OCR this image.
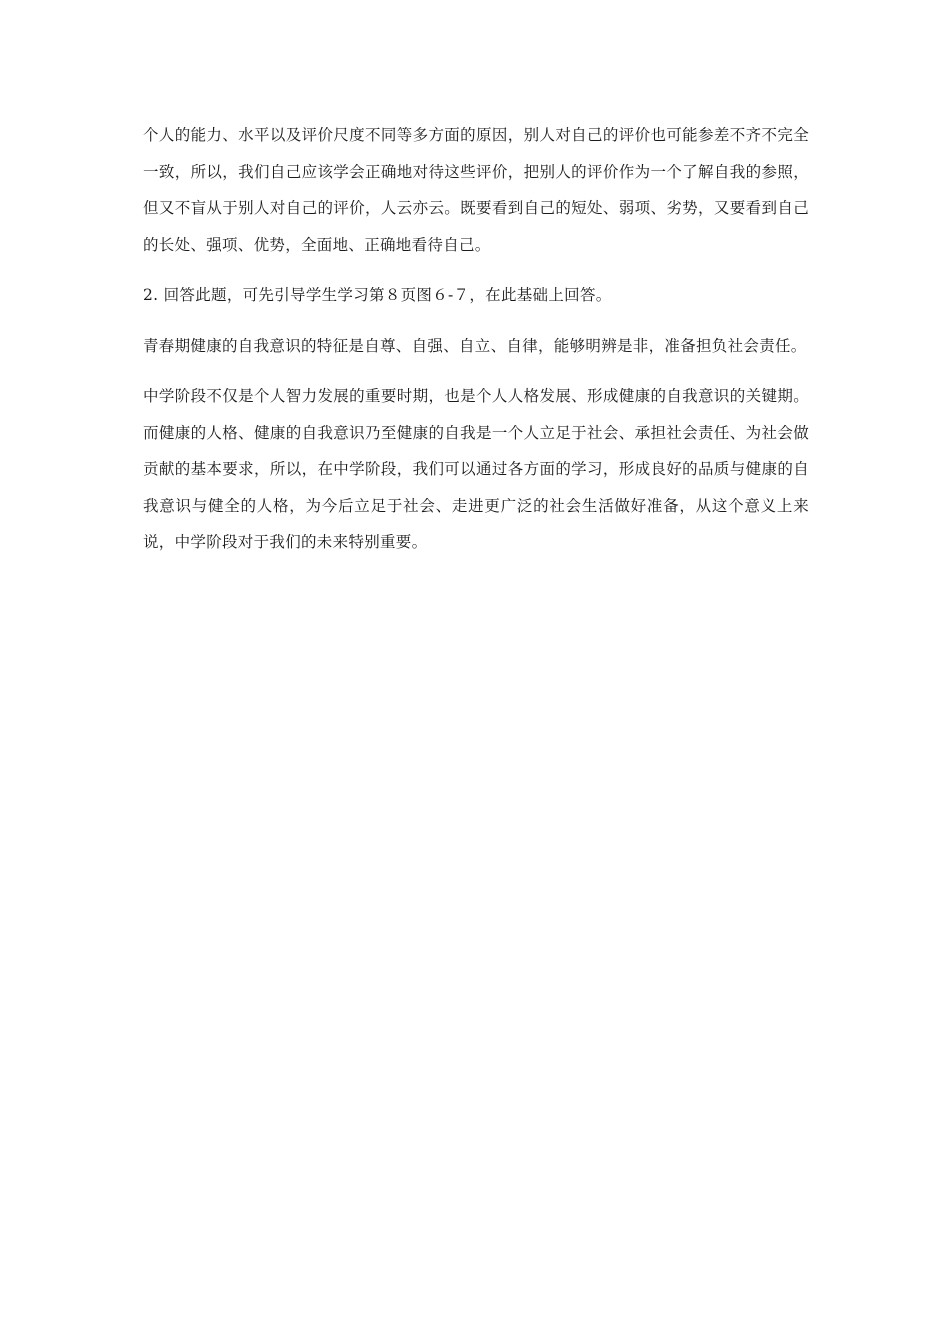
个人的能力、水平以及评价尺度不同等多方面的原因，别人对自己的评价也可能参差不齐不完全一致，所以，我们自己应该学会正确地对待这些评价，把别人的评价作为一个了解自我的参照，但又不盲从于别人对自己的评价，人云亦云。既要看到自己的短处、弱项、劣势，又要看到自己的长处、强项、优势，全面地、正确地看待自己。

2. 回答此题，可先引导学生学习第８页图６-７，在此基础上回答。

青春期健康的自我意识的特征是自尊、自强、自立、自律，能够明辨是非，准备担负社会责任。

中学阶段不仅是个人智力发展的重要时期，也是个人人格发展、形成健康的自我意识的关键期。而健康的人格、健康的自我意识乃至健康的自我是一个人立足于社会、承担社会责任、为社会做贡献的基本要求，所以，在中学阶段，我们可以通过各方面的学习，形成良好的品质与健康的自我意识与健全的人格，为今后立足于社会、走进更广泛的社会生活做好准备，从这个意义上来说，中学阶段对于我们的未来特别重要。
